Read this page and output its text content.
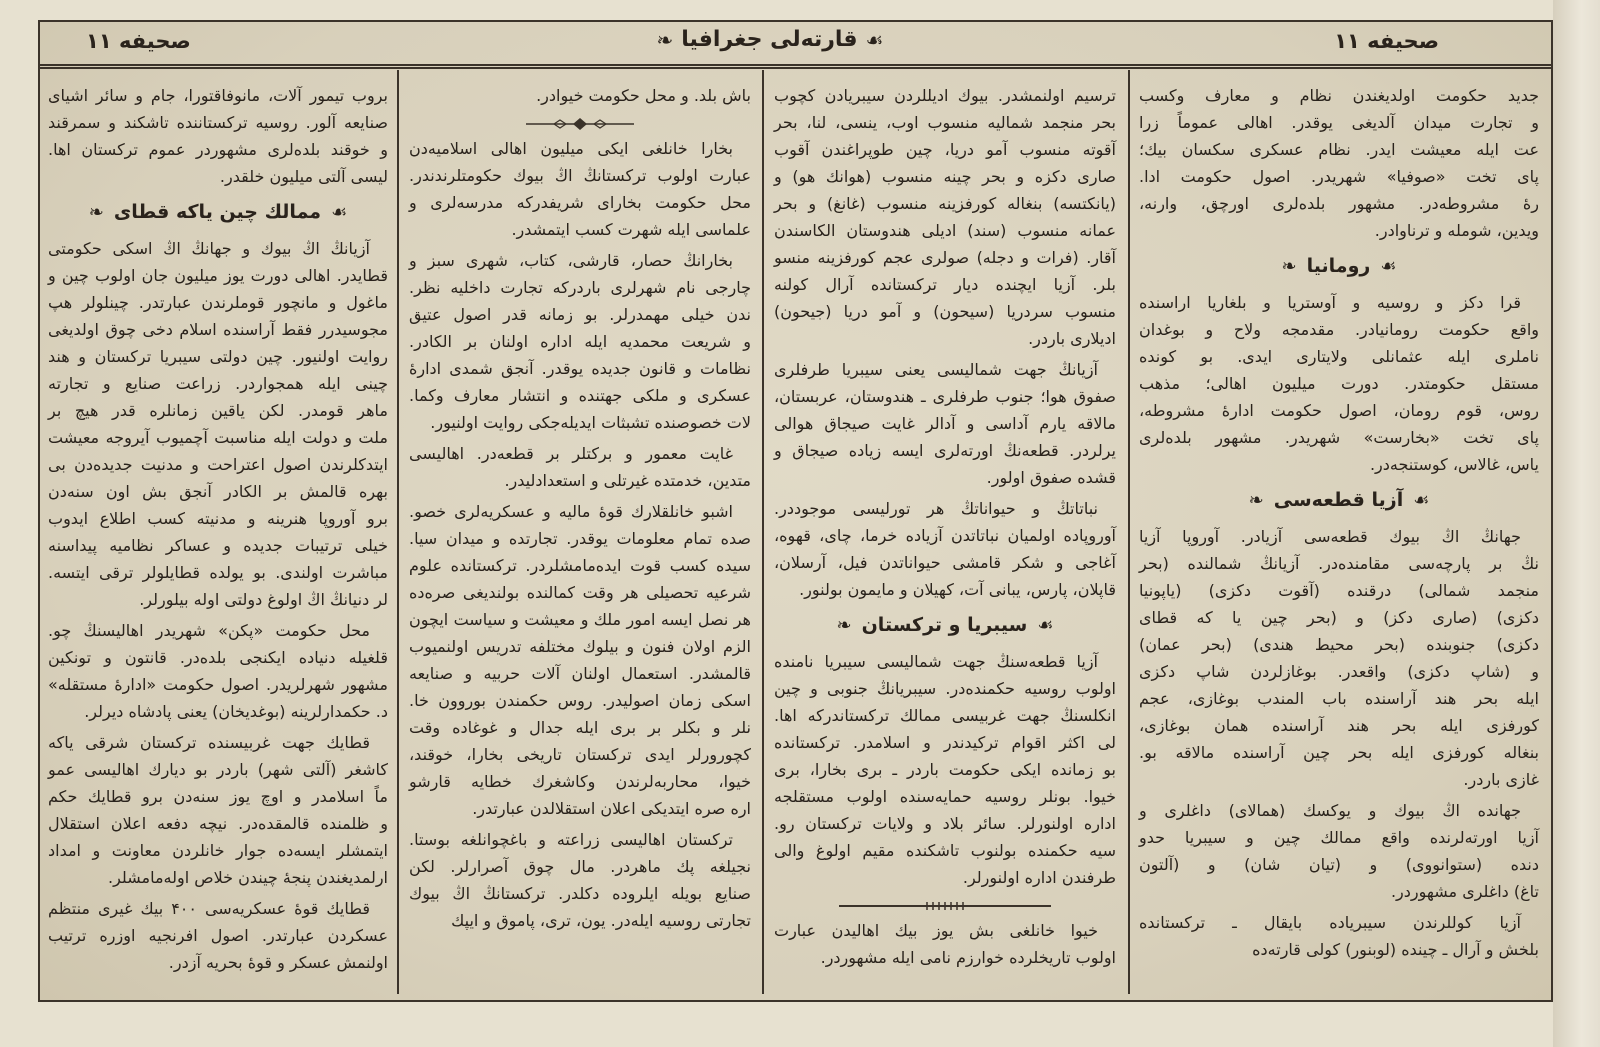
صحیفه ۱۱
☙
قارته‌لی جغرافیا
❧
صحیفه ۱۱
جدید حکومت اولدیغندن نظام و معارف وکسب
و تجارت میدان آلدیغی یوقدر. اهالی عموماً زرا
عت ایله معیشت ایدر. نظام عسکری سکسان بیك؛
پای تخت «صوفیا» شهریدر. اصول حکومت ادا.
رهٔ مشروطه‌در. مشهور بلده‌لری اورچق، وارنه،
ویدین، شومله و ترناوادر.
☙
رومانیا
❧
قرا دکز و روسیه و آوستریا و بلغاریا اراسنده
واقع حکومت رومانیادر. مقدمجه ولاح و بوغدان
ناملری ایله عثمانلی ولایتاری ایدی. بو کونده
مستقل حکومتدر. دورت میلیون اهالی؛ مذهب
روس، قوم رومان، اصول حکومت ادارهٔ مشروطه،
پای تخت «بخارست» شهریدر. مشهور بلده‌لری
یاس، غالاس، کوستنجه‌در.
☙
آزیا قطعه‌سی
❧
جهانڭ اڭ بیوك قطعه‌سی آزیادر. آوروپا آزیا
نڭ بر پارچه‌سی مقامنده‌در. آزیانڭ شمالنده (بحر
منجمد شمالی) درقنده (آقوت دکزی) (یاپونیا
دکزی) (صاری دکز) و (بحر چین یا که قطای
دکزی) جنوبنده (بحر محیط هندی) (بحر عمان)
و (شاپ دکزی) واقعدر. بوغازلردن شاپ دکزی
ایله بحر هند آراسنده باب المندب بوغازی، عجم
کورفزی ایله بحر هند آراسنده همان بوغازی،
بنغاله کورفزی ایله بحر چین آراسنده مالاقه بو.
غازی باردر.
جهانده اڭ بیوك و یوکسك (همالای) داغلری و
آزیا اورته‌لرنده واقع ممالك چین و سیبریا حدو
دنده (ستوانووی) و (تیان شان) و (آلتون
تاغ) داغلری مشهوردر.
آزیا کوللرندن سیبریاده بایقال ـ ترکستانده
بلخش و آرال ـ چینده (لوبنور) کولی قارته‌ده
ترسیم اولنمشدر. بیوك ادیللردن سیبریادن کچوب
بحر منجمد شمالیه منسوب اوب، ینسی، لنا، بحر
آقوته منسوب آمو دریا، چین طوپراغندن آقوب
صاری دکزه و بحر چینه منسوب (هوانك هو) و
(یانکتسه) بنغاله کورفزینه منسوب (غانغ) و بحر
عمانه منسوب (سند) ادیلی هندوستان الکاسندن
آقار. (فرات و دجله) صولری عجم کورفزینه منسو
بلر. آزیا ایچنده دیار ترکستانده آرال کولنه
منسوب سردریا (سیحون) و آمو دریا (جیحون)
ادیلاری باردر.
آزیانڭ جهت شمالیسی یعنی سیبریا طرفلری
صفوق هوا؛ جنوب طرفلری ـ هندوستان، عربستان،
مالاقه یارم آداسی و آدالر غایت صیجاق هوالی
یرلردر. قطعه‌نڭ اورته‌لری ایسه زیاده صیجاق و
قشده صفوق اولور.
نباتاتڭ و حیواناتڭ هر تورلیسی موجوددر.
آوروپاده اولمیان نباتاتدن آزیاده خرما، چای، قهوه،
آغاجی و شکر قامشی حیواناتدن فیل، آرسلان،
قاپلان، پارس، یبانی آت، کهیلان و مایمون بولنور.
☙
سیبریا و ترکستان
❧
آزیا قطعه‌سنڭ جهت شمالیسی سیبریا نامنده
اولوب روسیه حکمنده‌در. سیبریانڭ جنوبی و چین
انکلسنڭ جهت غربیسی ممالك ترکستاندرکه اها.
لی اکثر اقوام ترکیدندر و اسلامدر. ترکستانده
بو زمانده ایکی حکومت باردر ـ بری بخارا، بری
خیوا. بونلر روسیه حمایه‌سنده اولوب مستقلجه
اداره اولنورلر. سائر بلاد و ولایات ترکستان رو.
سیه حکمنده بولنوب تاشکنده مقیم اولوغ والی
طرفندن اداره اولنورلر.
خیوا خانلغی بش یوز بیك اهالیدن عبارت
اولوب تاریخلرده خوارزم نامی ایله مشهوردر.
باش بلد. و محل حکومت خیوادر.
بخارا خانلغی ایکی میلیون اهالی اسلامیه‌دن
عبارت اولوب ترکستانڭ اڭ بیوك حکومتلرندندر.
محل حکومت بخارای شریفدرکه مدرسه‌لری و
علماسی ایله شهرت کسب ایتمشدر.
بخارانڭ حصار، قارشی، کتاب، شهری سبز و
چارجی نام شهرلری باردرکه تجارت داخلیه نظر.
ندن خیلی مهمدرلر. بو زمانه قدر اصول عتیق
و شریعت محمدیه ایله اداره اولنان بر الکادر.
نظامات و قانون جدیده یوقدر. آنجق شمدی ادارهٔ
عسکری و ملکی جهتنده و انتشار معارف وکما.
لات خصوصنده تشبثات ایدیله‌جکی روایت اولنیور.
غایت معمور و برکتلر بر قطعه‌در. اهالیسی
متدین، خدمتده غیرتلی و استعدادلیدر.
اشبو خانلقلارك قوهٔ مالیه و عسکریه‌لری خصو.
صده تمام معلومات یوقدر. تجارتده و میدان سیا.
سیده کسب قوت ایده‌مامشلردر. ترکستانده علوم
شرعیه تحصیلی هر وقت کمالنده بولندیغی صره‌ده
هر نصل ایسه امور ملك و معیشت و سیاست ایچون
الزم اولان فنون و بیلوك مختلفه تدریس اولنمیوب
قالمشدر. استعمال اولنان آلات حربیه و صنایعه
اسکی زمان اصولیدر. روس حکمندن بوروون خا.
نلر و بکلر بر بری ایله جدال و غوغاده وقت
کچورورلر ایدی ترکستان تاریخی بخارا، خوقند،
خیوا، محاربه‌لرندن وکاشغرك خطایه قارشو
اره صره ایتدیکی اعلان استقلالدن عبارتدر.
ترکستان اهالیسی زراعته و باغچوانلغه بوستا.
نجیلغه پك ماهردر. مال چوق آصرارلر. لکن
صنایع بویله ایلروده دکلدر. ترکستانڭ اڭ بیوك
تجارتی روسیه ایله‌در. یون، تری، پاموق و ایپك
بروب تیمور آلات، مانوفاقتورا، جام و سائر اشیای
صنایعه آلور. روسیه ترکستاننده تاشکند و سمرقند
و خوقند بلده‌لری مشهوردر عموم ترکستان اها.
لیسی آلتی میلیون خلقدر.
☙
ممالك چین یاکه قطای
❧
آزیانڭ اڭ بیوك و جهانڭ اڭ اسکی حکومتی
قطایدر. اهالی دورت یوز میلیون جان اولوب چین و
ماغول و مانچور قوملرندن عبارتدر. چینلولر هپ
مجوسیدرر فقط آراسنده اسلام دخی چوق اولدیغی
روایت اولنیور. چین دولتی سیبریا ترکستان و هند
چینی ایله همجواردر. زراعت صنایع و تجارته
ماهر قومدر. لکن یاقین زمانلره قدر هیچ بر
ملت و دولت ایله مناسبت آچمیوب آیروجه معیشت
ایتدکلرندن اصول اعتراحت و مدنیت جدیده‌دن بی
بهره قالمش بر الکادر آنجق بش اون سنه‌دن
برو آوروپا هنرینه و مدنیته کسب اطلاع ایدوب
خیلی ترتیبات جدیده و عساکر نظامیه پیداسنه
مباشرت اولندی. بو یولده قطایلولر ترقی ایتسه.
لر دنیانڭ اڭ اولوغ دولتی اوله بیلورلر.
محل حکومت «پکن» شهریدر اهالیسنڭ چو.
قلغیله دنیاده ایکنجی بلده‌در. قانتون و تونکین
مشهور شهرلریدر. اصول حکومت «ادارهٔ مستقله»
د. حکمدارلرینه (بوغدیخان) یعنی پادشاه دیرلر.
قطایك جهت غربیسنده ترکستان شرقی یاکه
کاشغر (آلتی شهر) باردر بو دیارك اهالیسی عمو
ماً اسلامدر و اوچ یوز سنه‌دن برو قطایك حکم
و ظلمنده قالمقده‌در. نیچه دفعه اعلان استقلال
ایتمشلر ایسه‌ده جوار خانلردن معاونت و امداد
ارلمدیغندن پنجهٔ چیندن خلاص اوله‌مامشلر.
قطایك قوهٔ عسکریه‌سی ۴۰۰ بیك غیری منتظم
عسکردن عبارتدر. اصول افرنجیه اوزره ترتیب
اولنمش عسکر و قوهٔ بحریه آزدر.
